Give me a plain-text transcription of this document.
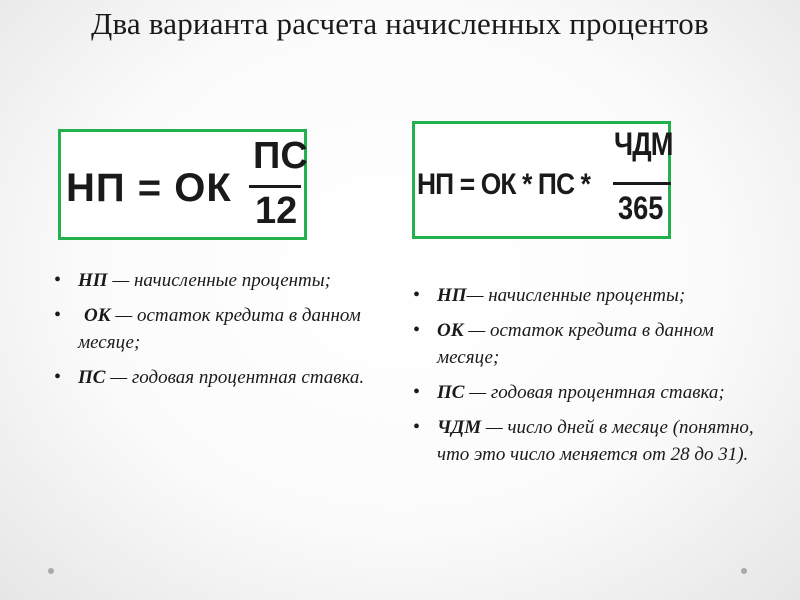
Два варианта расчета начисленных процентов
НП = ОК
ПС
12
НП = ОК * ПС *
ЧДМ
365
• НП — начисленные проценты;
• ОК — остаток кредита в данном месяце;
• ПС — годовая процентная ставка.
• НП— начисленные проценты;
• ОК — остаток кредита в данном месяце;
• ПС — годовая процентная ставка;
• ЧДМ — число дней в месяце (понятно, что это число меняется от 28 до 31).
